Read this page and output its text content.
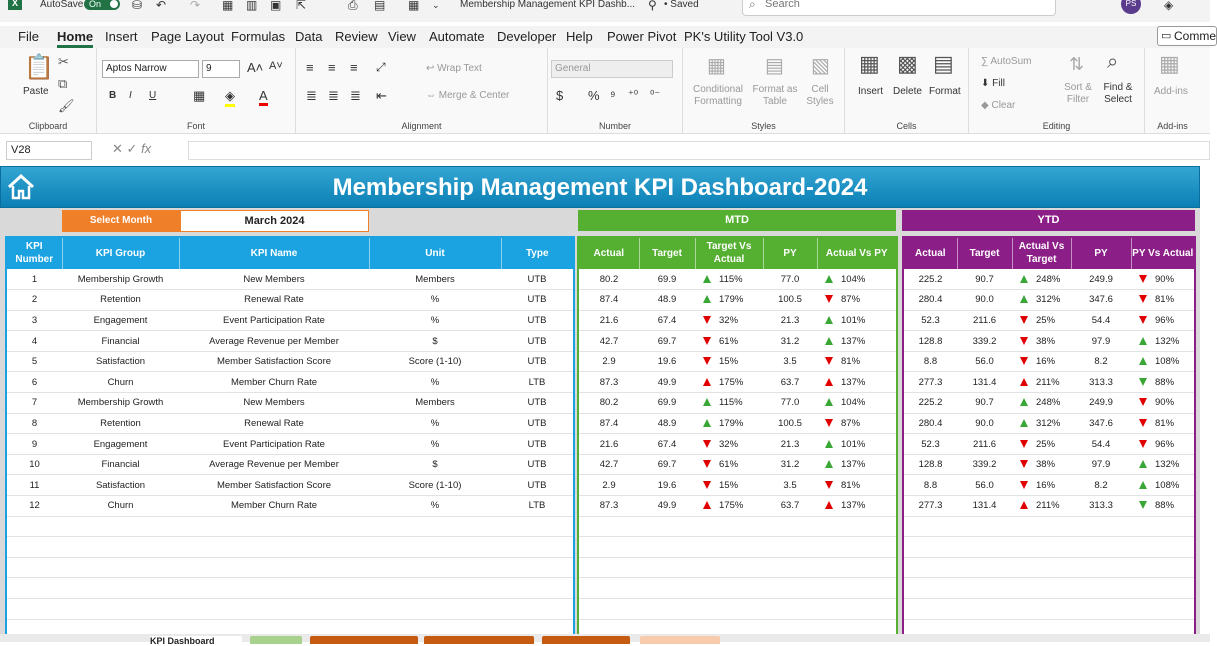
X	AutoSave On	⛁ ↶ ↷ ▦ ▥ ▣ ⇱	⎙ ▤ ▦ ⌄ Membership Management KPI Dashb... ⚲ • Saved	⌕ Search	PS	◈
File Home Insert Page Layout Formulas Data Review View Automate Developer Help Power Pivot PK's Utility Tool V3.0	▭ Comme
📋
Paste
✂
⧉
🖌
Clipboard
Aptos Narrow	9	A˄ A˅
B I U	▦ ◈ A
Font
≡ ≡ ≡ ⤢
≣ ≣ ≣ ⇤
↩ Wrap Text
⇔ Merge & Center
Alignment
General
$ % ⁹ ⁺⁰ ⁰⁻
Number
▦
Conditional Formatting
▤
Format as Table
▧
Cell Styles
Styles
▦
Insert
▩
Delete
▤
Format
Cells
∑ AutoSum
⬇ Fill
◆ Clear
⇅
Sort & Filter
⌕
Find & Select
Editing
▦
Add-ins
Add-ins
V28	✕ ✓ fx
Membership Management KPI Dashboard-2024
Select Month	March 2024	MTD	YTD
KPI Number	KPI Group	KPI Name	Unit	Type
1	Membership Growth	New Members	Members	UTB
2	Retention	Renewal Rate	%	UTB
3	Engagement	Event Participation Rate	%	UTB
4	Financial	Average Revenue per Member	$	UTB
5	Satisfaction	Member Satisfaction Score	Score (1-10)	UTB
6	Churn	Member Churn Rate	%	LTB
7	Membership Growth	New Members	Members	UTB
8	Retention	Renewal Rate	%	UTB
9	Engagement	Event Participation Rate	%	UTB
10	Financial	Average Revenue per Member	$	UTB
11	Satisfaction	Member Satisfaction Score	Score (1-10)	UTB
12	Churn	Member Churn Rate	%	LTB

Actual	Target	Target Vs Actual	PY	Actual Vs PY
80.2	69.9	115%	77.0	104%
87.4	48.9	179%	100.5	87%
21.6	67.4	32%	21.3	101%
42.7	69.7	61%	31.2	137%
2.9	19.6	15%	3.5	81%
87.3	49.9	175%	63.7	137%
80.2	69.9	115%	77.0	104%
87.4	48.9	179%	100.5	87%
21.6	67.4	32%	21.3	101%
42.7	69.7	61%	31.2	137%
2.9	19.6	15%	3.5	81%
87.3	49.9	175%	63.7	137%

Actual	Target	Actual Vs Target	PY	PY Vs Actual
225.2	90.7	248%	249.9	90%
280.4	90.0	312%	347.6	81%
52.3	211.6	25%	54.4	96%
128.8	339.2	38%	97.9	132%
8.8	56.0	16%	8.2	108%
277.3	131.4	211%	313.3	88%
225.2	90.7	248%	249.9	90%
280.4	90.0	312%	347.6	81%
52.3	211.6	25%	54.4	96%
128.8	339.2	38%	97.9	132%
8.8	56.0	16%	8.2	108%
277.3	131.4	211%	313.3	88%

KPI Dashboard
